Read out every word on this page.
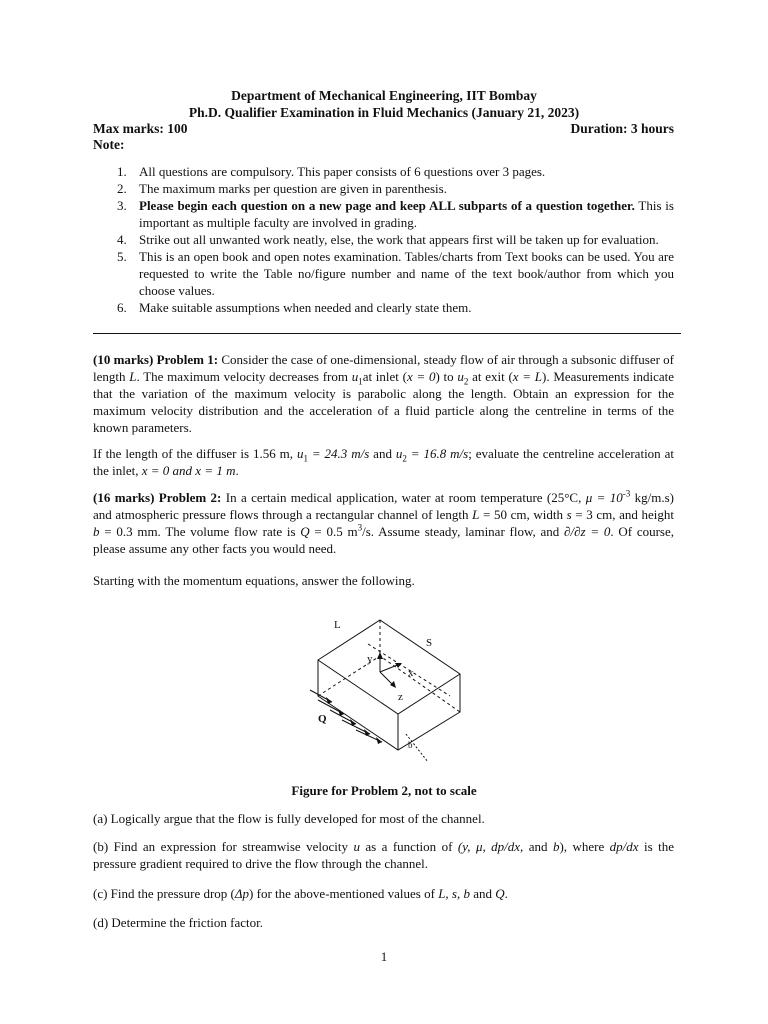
Department of Mechanical Engineering, IIT Bombay
Ph.D. Qualifier Examination in Fluid Mechanics (January 21, 2023)
Max marks: 100	Duration: 3 hours
Note:
1. All questions are compulsory. This paper consists of 6 questions over 3 pages.
2. The maximum marks per question are given in parenthesis.
3. Please begin each question on a new page and keep ALL subparts of a question together. This is important as multiple faculty are involved in grading.
4. Strike out all unwanted work neatly, else, the work that appears first will be taken up for evaluation.
5. This is an open book and open notes examination. Tables/charts from Text books can be used. You are requested to write the Table no/figure number and name of the text book/author from which you choose values.
6. Make suitable assumptions when needed and clearly state them.

(10 marks) Problem 1: Consider the case of one-dimensional, steady flow of air through a subsonic diffuser of length L. The maximum velocity decreases from $u_1at$ inlet (x = 0) to $u_2$ at exit (x = L). Measurements indicate that the variation of the maximum velocity is parabolic along the length. Obtain an expression for the maximum velocity distribution and the acceleration of a fluid particle along the centreline in terms of the known parameters.

If the length of the diffuser is 1.56 m, $u_1 = 24.3$ m/s and $u_2 = 16.8$ m/s; evaluate the centreline acceleration at the inlet, x = 0 and x = 1 m.

(16 marks) Problem 2: In a certain medical application, water at room temperature (25°C, $\mu = 10^{-3}$ kg/m.s) and atmospheric pressure flows through a rectangular channel of length L = 50 cm, width s = 3 cm, and height b = 0.3 mm. The volume flow rate is Q = 0.5 $m^3/s$. Assume steady, laminar flow, and ∂/∂z = 0. Of course, please assume any other facts you would need.

Starting with the momentum equations, answer the following.

L
S
y
x
z
Q
b
Figure for Problem 2, not to scale

(a) Logically argue that the flow is fully developed for most of the channel.

(b) Find an expression for streamwise velocity u as a function of (y, μ, dp/dx, and b), where dp/dx is the pressure gradient required to drive the flow through the channel.

(c) Find the pressure drop (Δp) for the above-mentioned values of L, s, b and Q.

(d) Determine the friction factor.

1
